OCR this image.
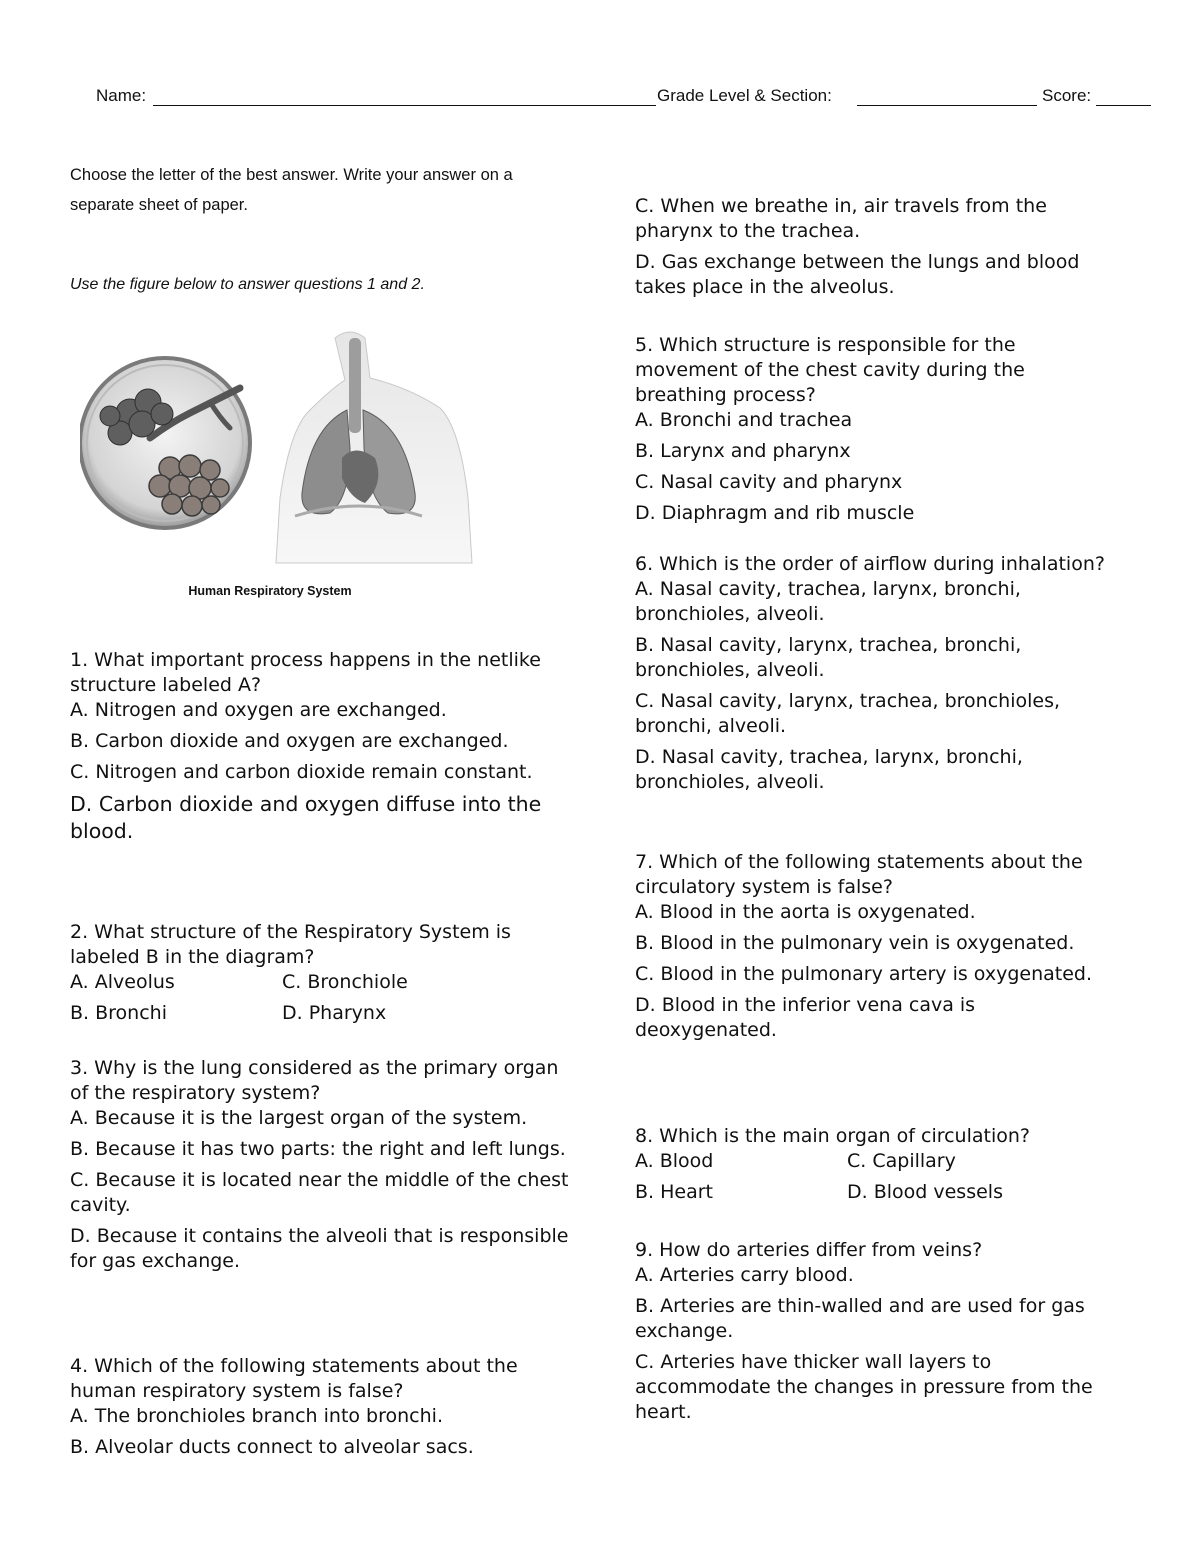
Name:	Grade Level & Section:	Score:
Choose the letter of the best answer. Write your answer on a separate sheet of paper.
Use the figure below to answer questions 1 and 2.
Human Respiratory System

1. What important process happens in the netlike structure labeled A?

A. Nitrogen and oxygen are exchanged.

B. Carbon dioxide and oxygen are exchanged.

C. Nitrogen and carbon dioxide remain constant.

D. Carbon dioxide and oxygen diffuse into the blood.

2. What structure of the Respiratory System is labeled B in the diagram?

A. Alveolus	C. Bronchiole
B. Bronchi	D. Pharynx

3. Why is the lung considered as the primary organ of the respiratory system?

A. Because it is the largest organ of the system.

B. Because it has two parts: the right and left lungs.

C. Because it is located near the middle of the chest cavity.

D. Because it contains the alveoli that is responsible for gas exchange.

4. Which of the following statements about the human respiratory system is false?

A. The bronchioles branch into bronchi.

B. Alveolar ducts connect to alveolar sacs.

C. When we breathe in, air travels from the pharynx to the trachea.

D. Gas exchange between the lungs and blood takes place in the alveolus.

5. Which structure is responsible for the movement of the chest cavity during the breathing process?

A. Bronchi and trachea

B. Larynx and pharynx

C. Nasal cavity and pharynx

D. Diaphragm and rib muscle

6. Which is the order of airflow during inhalation?

A. Nasal cavity, trachea, larynx, bronchi, bronchioles, alveoli.

B. Nasal cavity, larynx, trachea, bronchi, bronchioles, alveoli.

C. Nasal cavity, larynx, trachea, bronchioles, bronchi, alveoli.

D. Nasal cavity, trachea, larynx, bronchi, bronchioles, alveoli.

7. Which of the following statements about the circulatory system is false?

A. Blood in the aorta is oxygenated.

B. Blood in the pulmonary vein is oxygenated.

C. Blood in the pulmonary artery is oxygenated.

D. Blood in the inferior vena cava is deoxygenated.

8. Which is the main organ of circulation?

A. Blood	C. Capillary
B. Heart	D. Blood vessels

9. How do arteries differ from veins?

A. Arteries carry blood.

B. Arteries are thin-walled and are used for gas exchange.

C. Arteries have thicker wall layers to accommodate the changes in pressure from the heart.
